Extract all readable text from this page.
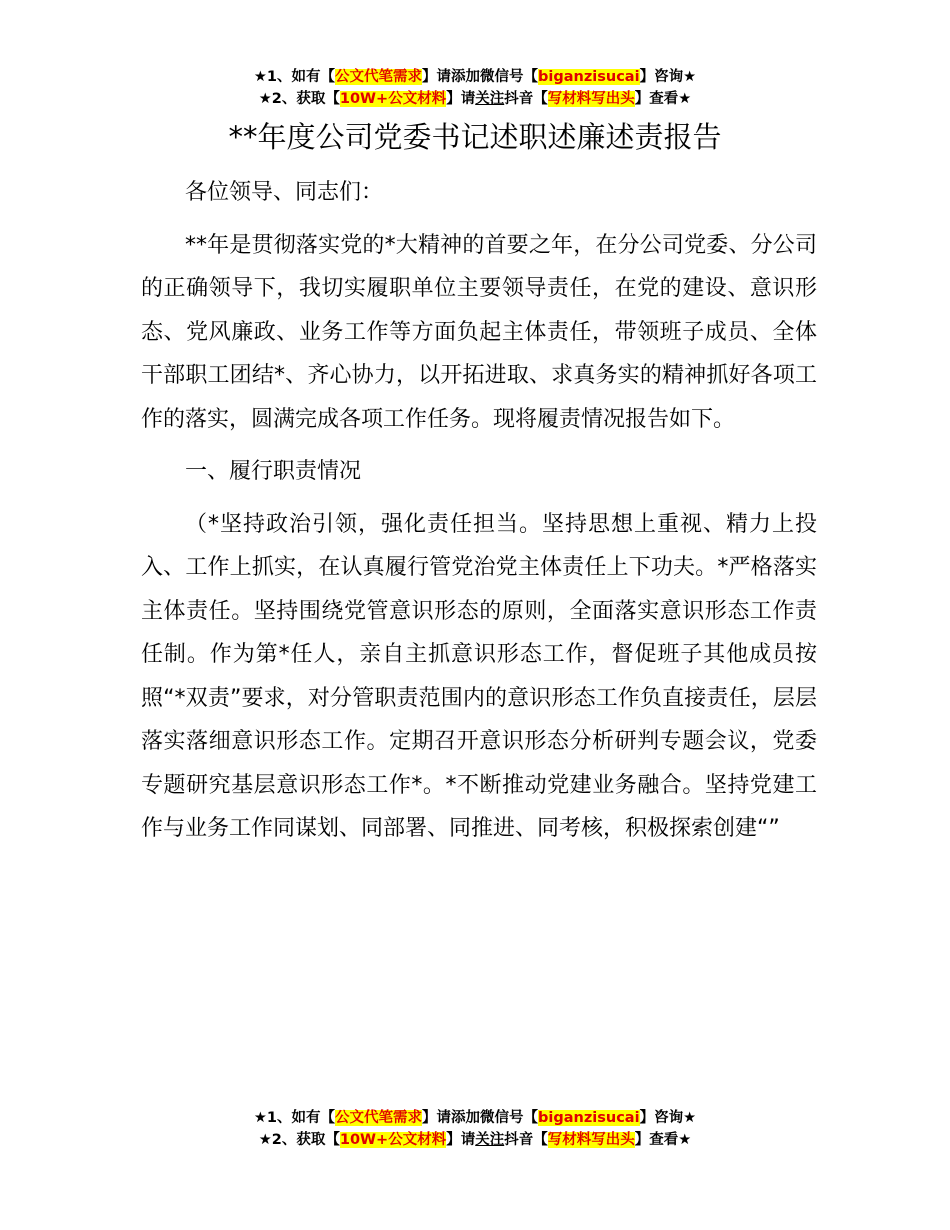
★1、如有【公文代笔需求】请添加微信号【biganzisucai】咨询★
★2、获取【10W+公文材料】请关注抖音【写材料写出头】查看★
**年度公司党委书记述职述廉述责报告

各位领导、同志们：

**年是贯彻落实党的*大精神的首要之年，在分公司党委、分公司的正确领导下，我切实履职单位主要领导责任，在党的建设、意识形态、党风廉政、业务工作等方面负起主体责任，带领班子成员、全体干部职工团结*、齐心协力，以开拓进取、求真务实的精神抓好各项工作的落实，圆满完成各项工作任务。现将履责情况报告如下。

一、履行职责情况

（*坚持政治引领，强化责任担当。坚持思想上重视、精力上投入、工作上抓实，在认真履行管党治党主体责任上下功夫。*严格落实主体责任。坚持围绕党管意识形态的原则，全面落实意识形态工作责任制。作为第*任人，亲自主抓意识形态工作，督促班子其他成员按照“*双责”要求，对分管职责范围内的意识形态工作负直接责任，层层落实落细意识形态工作。定期召开意识形态分析研判专题会议，党委专题研究基层意识形态工作*。*不断推动党建业务融合。坚持党建工作与业务工作同谋划、同部署、同推进、同考核，积极探索创建“”

★1、如有【公文代笔需求】请添加微信号【biganzisucai】咨询★
★2、获取【10W+公文材料】请关注抖音【写材料写出头】查看★
